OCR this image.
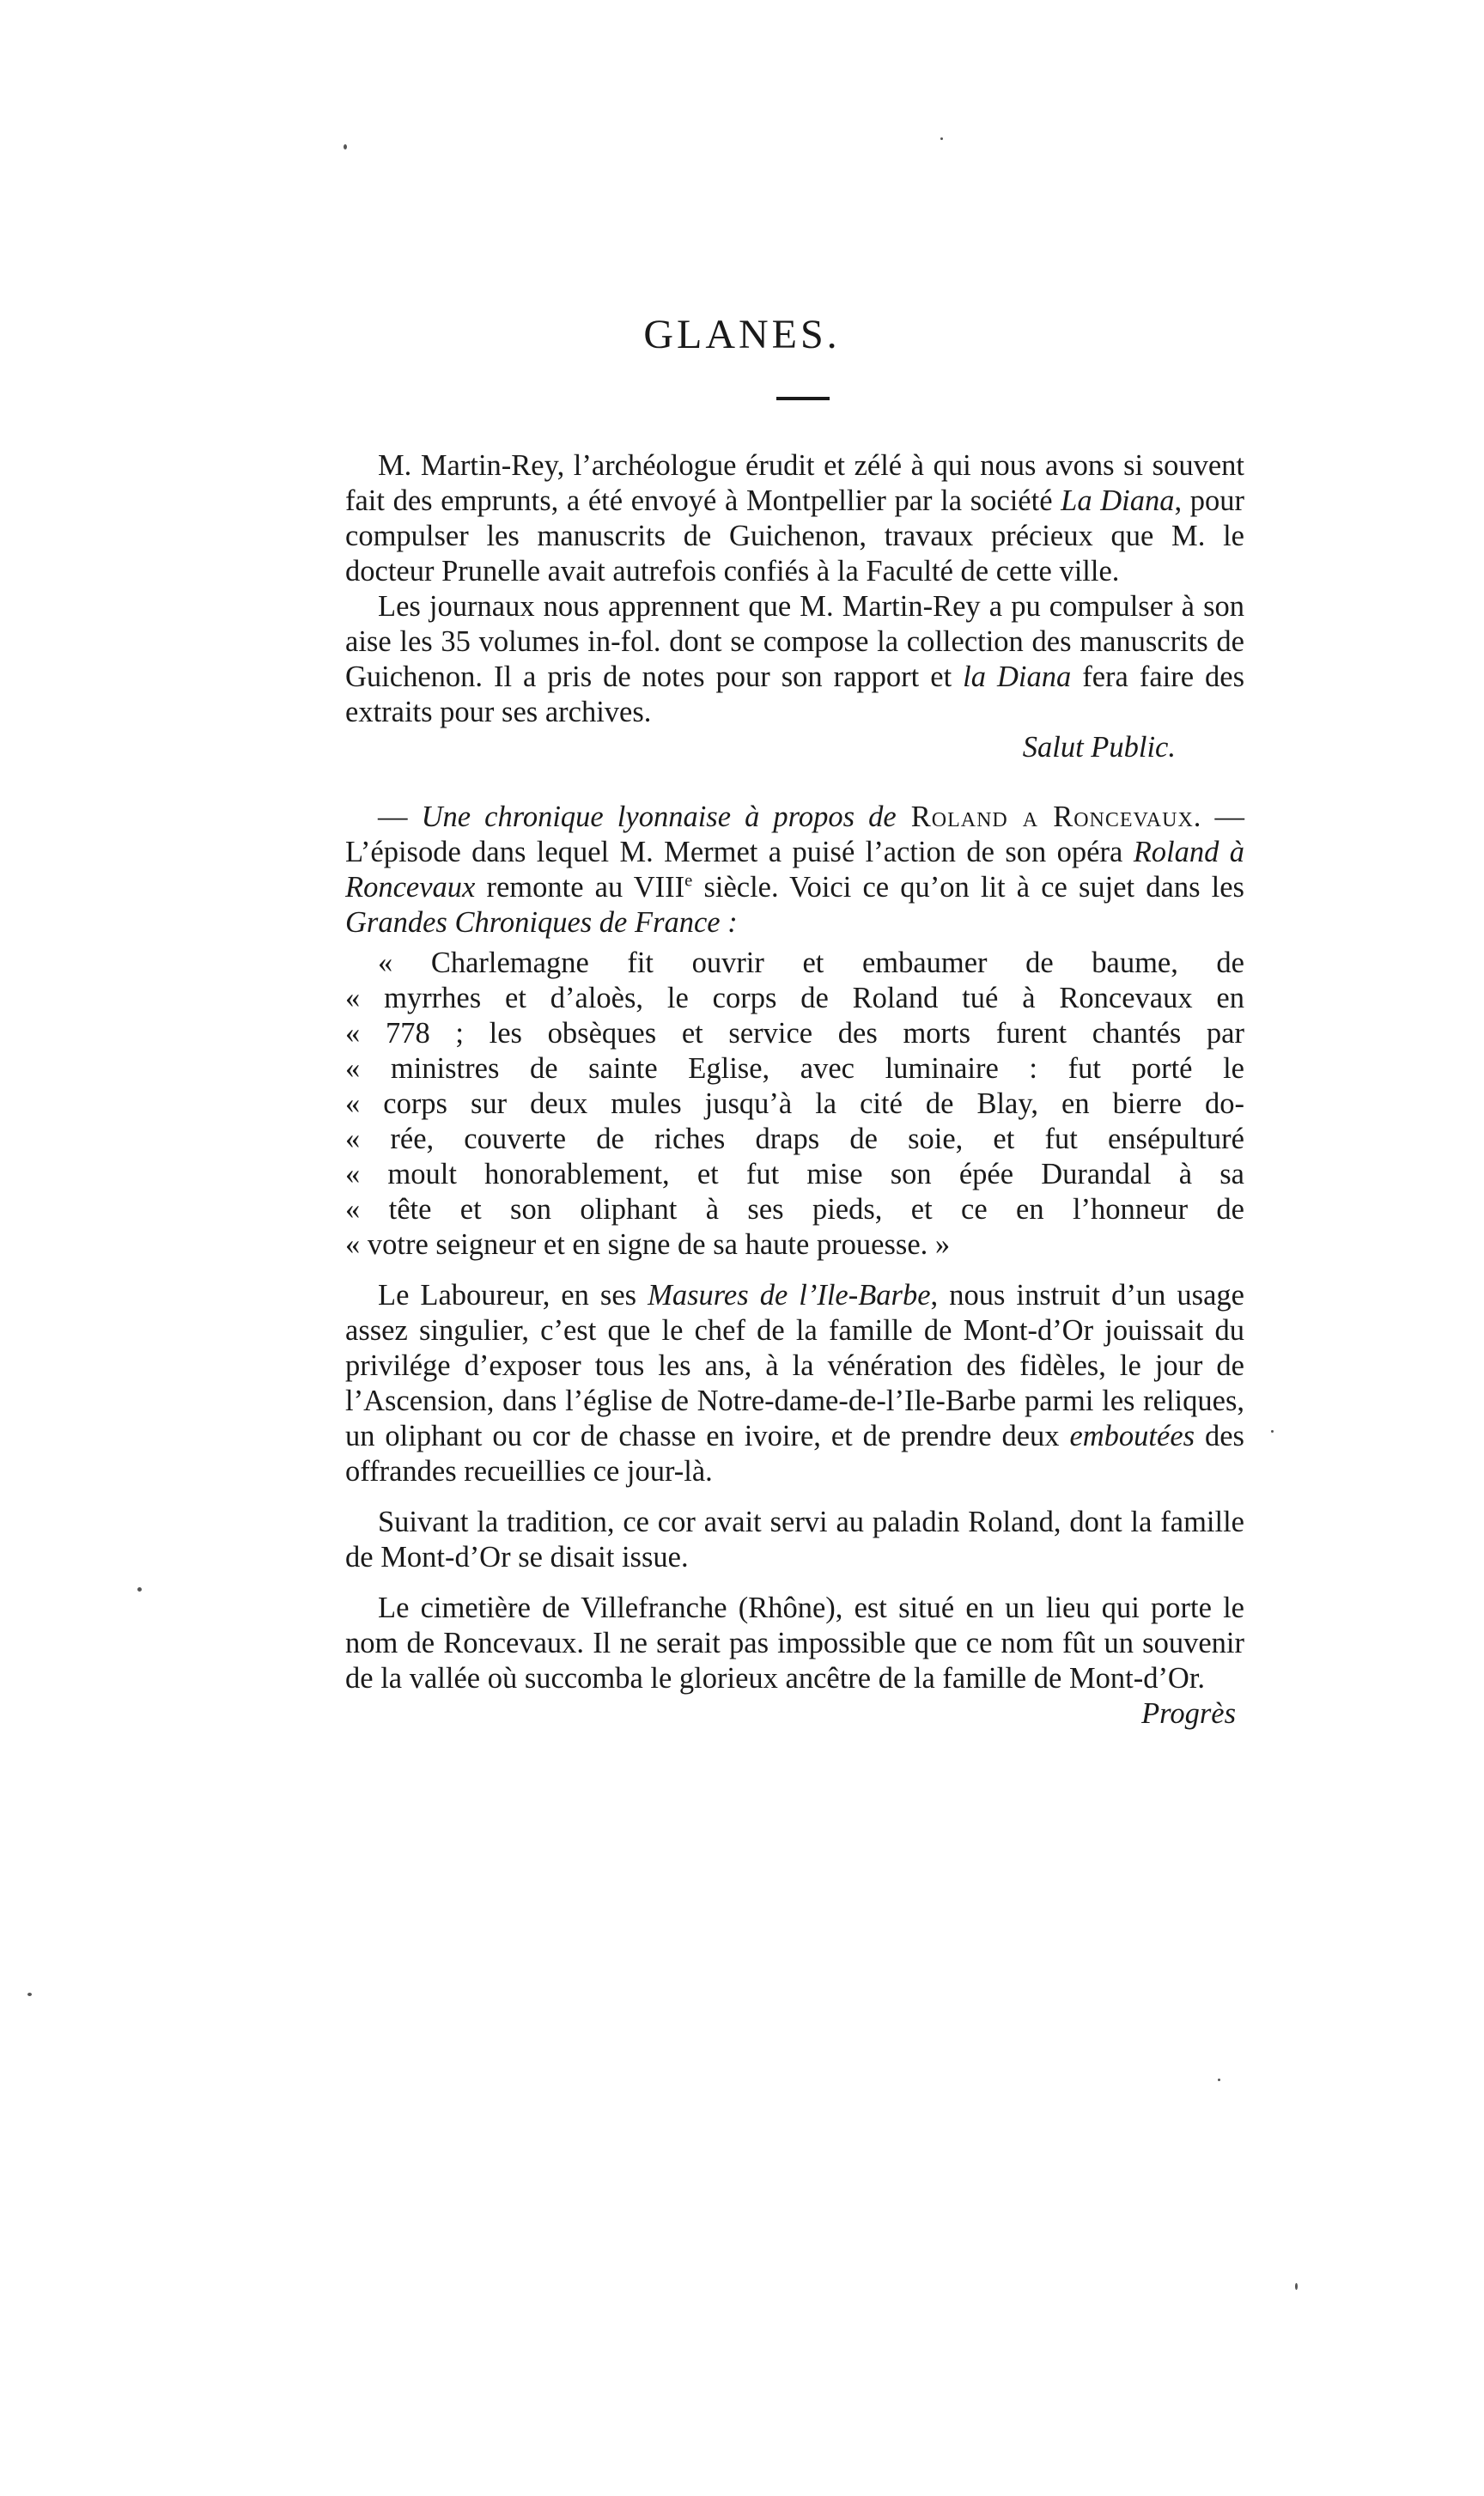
GLANES.

M. Martin-Rey, l’archéologue érudit et zélé à qui nous avons si souvent fait des emprunts, a été envoyé à Montpellier par la société La Diana, pour compulser les manuscrits de Guichenon, travaux précieux que M. le docteur Prunelle avait autrefois confiés à la Faculté de cette ville.

Les journaux nous apprennent que M. Martin-Rey a pu compulser à son aise les 35 volumes in-fol. dont se compose la collection des manuscrits de Guichenon. Il a pris de notes pour son rapport et la Diana fera faire des extraits pour ses archives.

Salut Public.

— Une chronique lyonnaise à propos de Roland a Roncevaux. — L’épisode dans lequel M. Mermet a puisé l’action de son opéra Roland à Roncevaux remonte au VIIIe siècle. Voici ce qu’on lit à ce sujet dans les Grandes Chroniques de France :

« Charlemagne fit ouvrir et embaumer de baume, de

« myrrhes et d’aloès, le corps de Roland tué à Roncevaux en

« 778 ; les obsèques et service des morts furent chantés par

« ministres de sainte Eglise, avec luminaire : fut porté le

« corps sur deux mules jusqu’à la cité de Blay, en bierre do-

« rée, couverte de riches draps de soie, et fut ensépulturé

« moult honorablement, et fut mise son épée Durandal à sa

« tête et son oliphant à ses pieds, et ce en l’honneur de

« votre seigneur et en signe de sa haute prouesse. »

Le Laboureur, en ses Masures de l’Ile-Barbe, nous instruit d’un usage assez singulier, c’est que le chef de la famille de Mont-d’Or jouissait du privilége d’exposer tous les ans, à la vénération des fidèles, le jour de l’Ascension, dans l’église de Notre-dame-de-l’Ile-Barbe parmi les reliques, un oliphant ou cor de chasse en ivoire, et de prendre deux emboutées des offrandes recueillies ce jour-là.

Suivant la tradition, ce cor avait servi au paladin Roland, dont la famille de Mont-d’Or se disait issue.

Le cimetière de Villefranche (Rhône), est situé en un lieu qui porte le nom de Roncevaux. Il ne serait pas impossible que ce nom fût un souvenir de la vallée où succomba le glorieux ancêtre de la famille de Mont-d’Or.

Progrès
